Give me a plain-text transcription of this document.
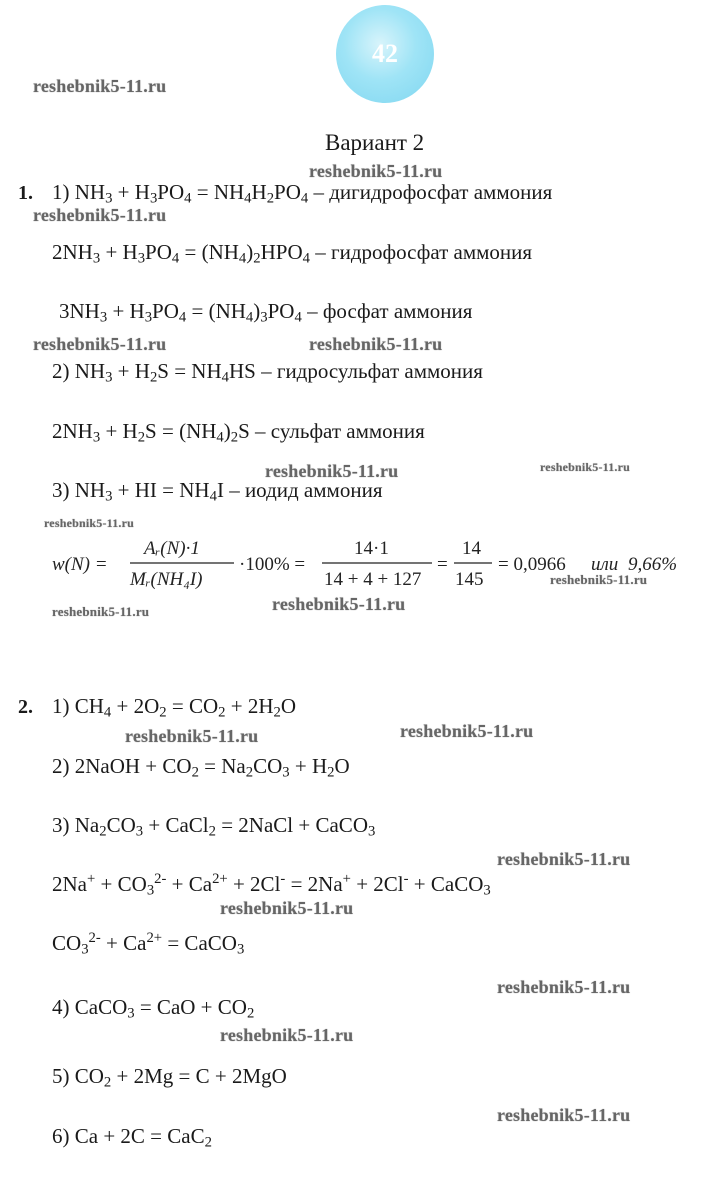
42
reshebnik5-11.ru
reshebnik5-11.ru
reshebnik5-11.ru
reshebnik5-11.ru	reshebnik5-11.ru
reshebnik5-11.ru	reshebnik5-11.ru
reshebnik5-11.ru
reshebnik5-11.ru
reshebnik5-11.ru	reshebnik5-11.ru
reshebnik5-11.ru	reshebnik5-11.ru
reshebnik5-11.ru
reshebnik5-11.ru
reshebnik5-11.ru
reshebnik5-11.ru
reshebnik5-11.ru
Вариант 2
1. 1) $NH_3 + H_3PO_4 = NH_4H_2PO_4$ – дигидрофосфат аммония
$2NH_3 + H_3PO_4 = (NH_4)_2HPO_4$ – гидрофосфат аммония
$3NH_3 + H_3PO_4 = (NH_4)_3PO_4$ – фосфат аммония
2) $NH_3 + H_2S = NH_4HS$ – гидросульфат аммония
$2NH_3 + H_2S = (NH_4)_2S$ – сульфат аммония
3) $NH_3$ + HI = $NH_4I$ – иодид аммония
w(N) =
Aᵣ(N)·1
Mᵣ(NH₄I)
·100% =
14·1
14 + 4 + 127
=
14
145
= 0,0966 или 9,66%
2. 1) $CH_4 + 2O_2 = CO_2 + 2H_2O$
2) 2NaOH + $CO_2 = Na_2CO_3 + H_2O$
3) $Na_2CO_3$ + CaCl$_2$ = 2NaCl + CaCO$_3$
$2Na^+ + CO_3^{2-} + Ca^{2+} + 2Cl^- = 2Na^+ + 2Cl^-$ + CaCO$_3$
$CO_3^{2-} + Ca^{2+}$ = CaCO$_3$
4) CaCO$_3$ = CaO + $CO_2$
5) $CO_2 + 2Mg = C + 2MgO$
6) Ca + 2C = CaC$_2$
